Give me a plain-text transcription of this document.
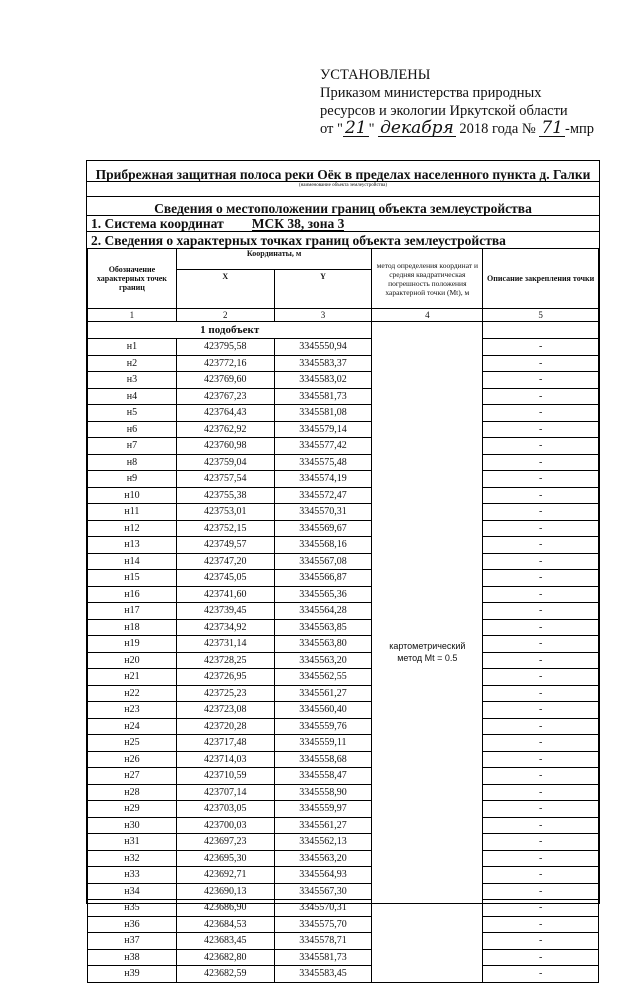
УСТАНОВЛЕНЫ
Приказом министерства природных
ресурсов и экологии Иркутской области
от " 21 " декабря 2018 года № 71 -мпр
Прибрежная защитная полоса реки Оёк в пределах населенного пункта д. Галки
(наименование объекта землеустройства)
Сведения о местоположении границ объекта землеустройства
1. Система координат МСК 38, зона 3
2. Сведения о характерных точках границ объекта землеустройства
Обозначение характерных точек границ	Координаты, м		метод определения координат и средняя квадратическая погрешность положения характерной точки (Mt), м	Описание закрепления точки
	X	Y		
1	2	3	4	5
1 подобъект			картометрический
метод Mt = 0.5	

н1	423795,58	3345550,94		-
н2	423772,16	3345583,37		-
н3	423769,60	3345583,02		-
н4	423767,23	3345581,73		-
н5	423764,43	3345581,08		-
н6	423762,92	3345579,14		-
н7	423760,98	3345577,42		-
н8	423759,04	3345575,48		-
н9	423757,54	3345574,19		-
н10	423755,38	3345572,47		-
н11	423753,01	3345570,31		-
н12	423752,15	3345569,67		-
н13	423749,57	3345568,16		-
н14	423747,20	3345567,08		-
н15	423745,05	3345566,87		-
н16	423741,60	3345565,36		-
н17	423739,45	3345564,28		-
н18	423734,92	3345563,85		-
н19	423731,14	3345563,80		-
н20	423728,25	3345563,20		-
н21	423726,95	3345562,55		-
н22	423725,23	3345561,27		-
н23	423723,08	3345560,40		-
н24	423720,28	3345559,76		-
н25	423717,48	3345559,11		-
н26	423714,03	3345558,68		-
н27	423710,59	3345558,47		-
н28	423707,14	3345558,90		-
н29	423703,05	3345559,97		-
н30	423700,03	3345561,27		-
н31	423697,23	3345562,13		-
н32	423695,30	3345563,20		-
н33	423692,71	3345564,93		-
н34	423690,13	3345567,30		-
н35	423686,90	3345570,31		-
н36	423684,53	3345575,70		-
н37	423683,45	3345578,71		-
н38	423682,80	3345581,73		-
н39	423682,59	3345583,45		-
